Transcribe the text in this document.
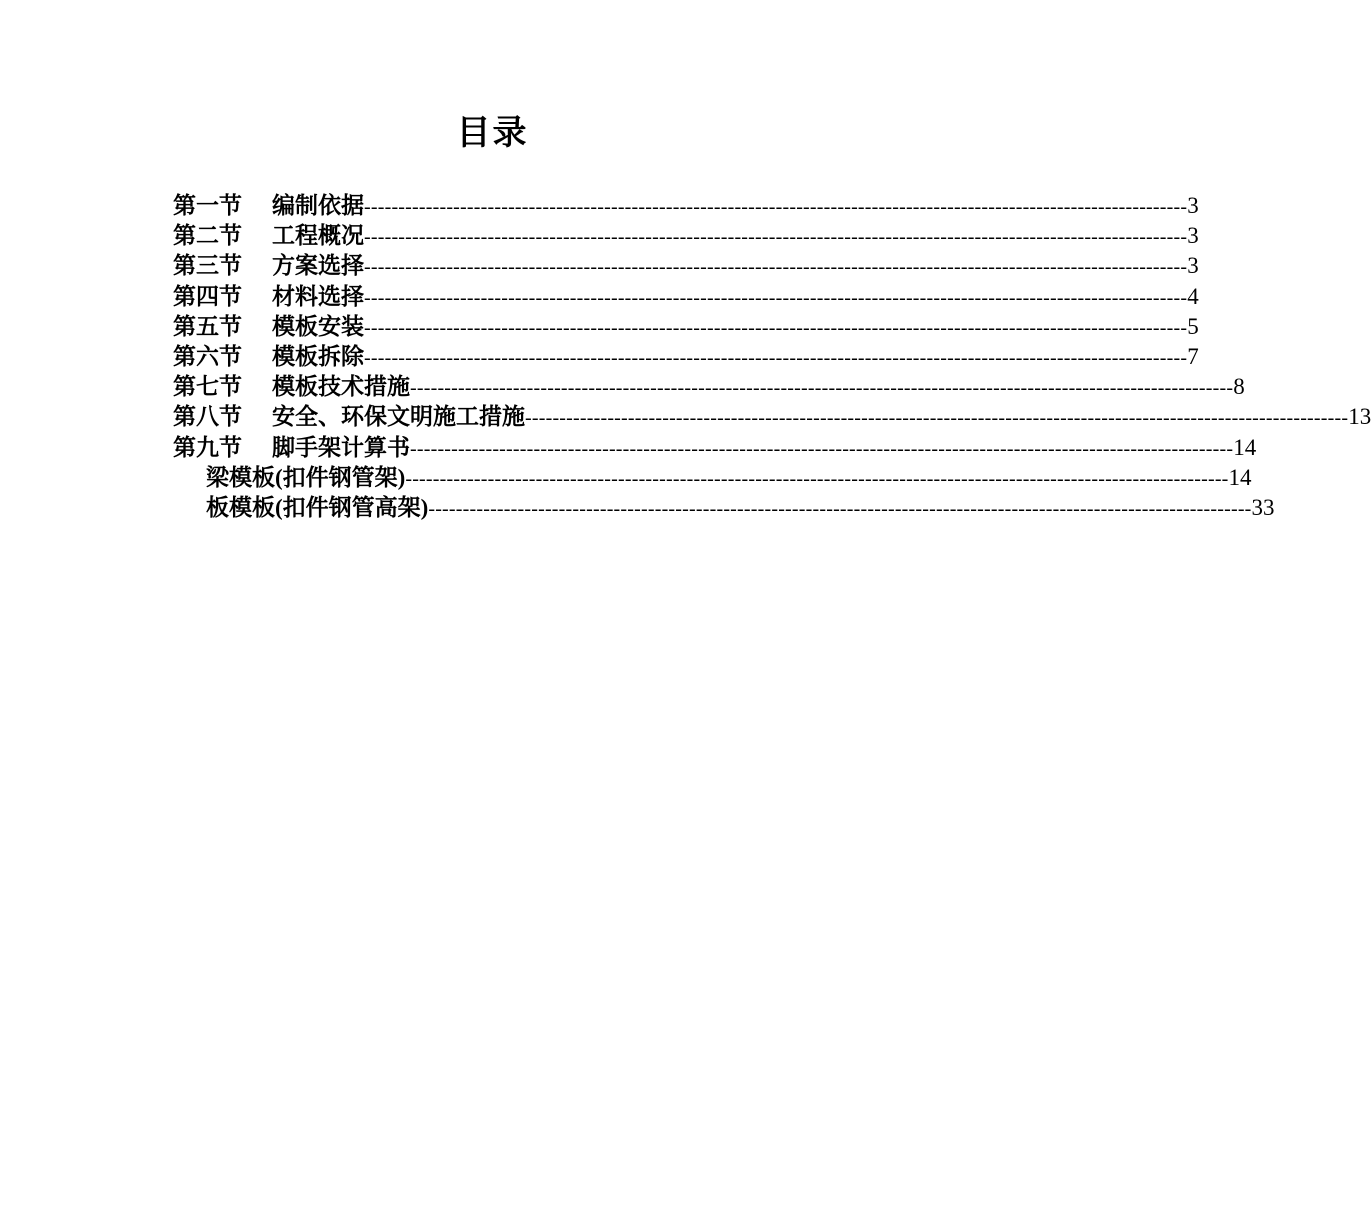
目录
第一节 编制依据 ------------------------------------------------------------------------------------------------------------------------ 3
第二节 工程概况 ------------------------------------------------------------------------------------------------------------------------ 3
第三节 方案选择 ------------------------------------------------------------------------------------------------------------------------ 3
第四节 材料选择 ------------------------------------------------------------------------------------------------------------------------ 4
第五节 模板安装 ------------------------------------------------------------------------------------------------------------------------ 5
第六节 模板拆除 ------------------------------------------------------------------------------------------------------------------------ 7
第七节 模板技术措施 ------------------------------------------------------------------------------------------------------------------------ 8
第八节 安全、环保文明施工措施 ------------------------------------------------------------------------------------------------------------------------ 13
第九节 脚手架计算书 ------------------------------------------------------------------------------------------------------------------------ 14
梁模板(扣件钢管架) ------------------------------------------------------------------------------------------------------------------------ 14
板模板(扣件钢管高架) ------------------------------------------------------------------------------------------------------------------------ 33
